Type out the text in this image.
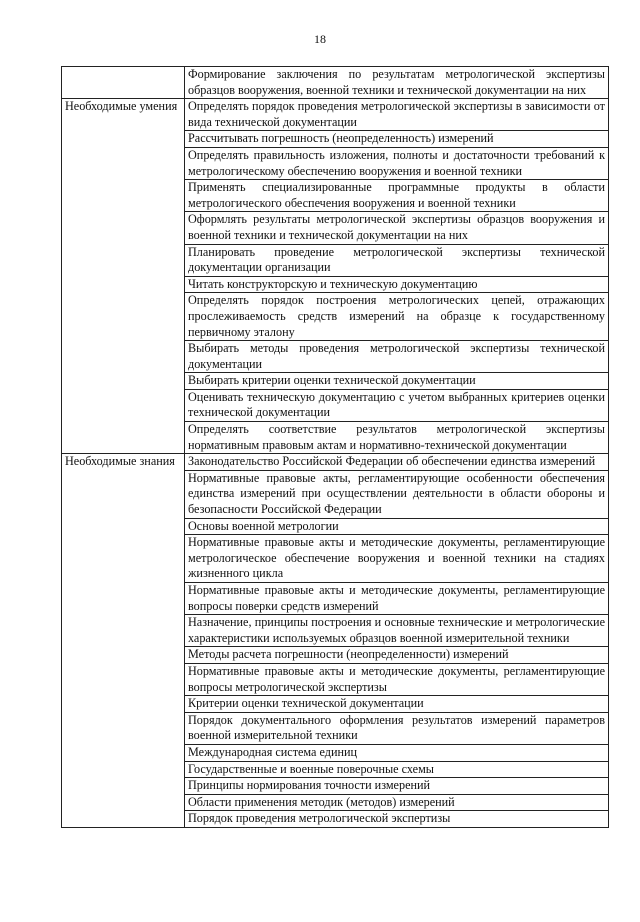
18
	Формирование заключения по результатам метрологической экспертизы образцов вооружения, военной техники и технической документации на них
Необходимые умения	Определять порядок проведения метрологической экспертизы в зависимости от вида технической документации
	Рассчитывать погрешность (неопределенность) измерений
	Определять правильность изложения, полноты и достаточности требований к метрологическому обеспечению вооружения и военной техники
	Применять специализированные программные продукты в области метрологического обеспечения вооружения и военной техники
	Оформлять результаты метрологической экспертизы образцов вооружения и военной техники и технической документации на них
	Планировать проведение метрологической экспертизы технической документации организации
	Читать конструкторскую и техническую документацию
	Определять порядок построения метрологических цепей, отражающих прослеживаемость средств измерений на образце к государственному первичному эталону
	Выбирать методы проведения метрологической экспертизы технической документации
	Выбирать критерии оценки технической документации
	Оценивать техническую документацию с учетом выбранных критериев оценки технической документации
	Определять соответствие результатов метрологической экспертизы нормативным правовым актам и нормативно-технической документации
Необходимые знания	Законодательство Российской Федерации об обеспечении единства измерений
	Нормативные правовые акты, регламентирующие особенности обеспечения единства измерений при осуществлении деятельности в области обороны и безопасности Российской Федерации
	Основы военной метрологии
	Нормативные правовые акты и методические документы, регламентирующие метрологическое обеспечение вооружения и военной техники на стадиях жизненного цикла
	Нормативные правовые акты и методические документы, регламентирующие вопросы поверки средств измерений
	Назначение, принципы построения и основные технические и метрологические характеристики используемых образцов военной измерительной техники
	Методы расчета погрешности (неопределенности) измерений
	Нормативные правовые акты и методические документы, регламентирующие вопросы метрологической экспертизы
	Критерии оценки технической документации
	Порядок документального оформления результатов измерений параметров военной измерительной техники
	Международная система единиц
	Государственные и военные поверочные схемы
	Принципы нормирования точности измерений
	Области применения методик (методов) измерений
	Порядок проведения метрологической экспертизы
